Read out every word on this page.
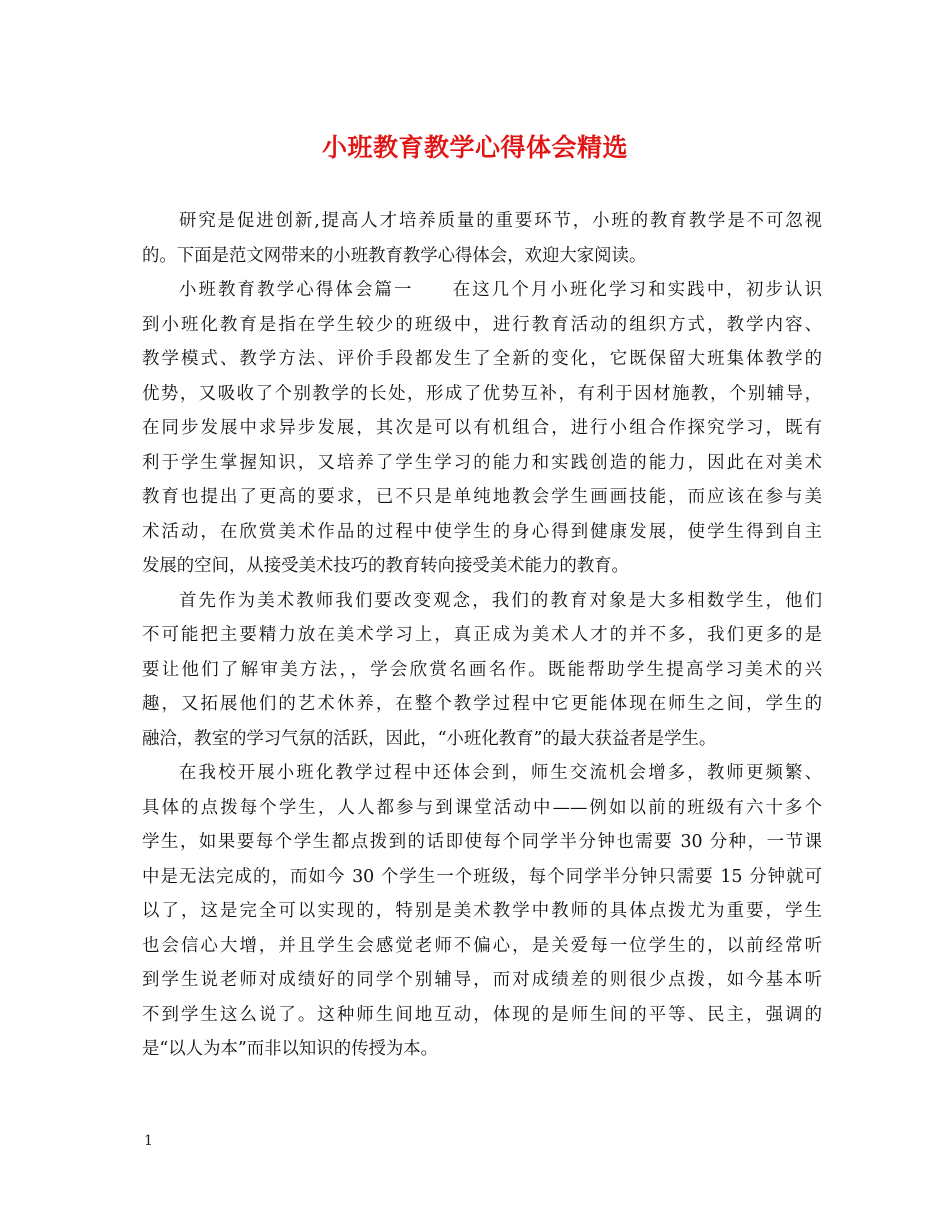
小班教育教学心得体会精选
研究是促进创新,提高人才培养质量的重要环节，小班的教育教学是不可忽视
的。下面是范文网带来的小班教育教学心得体会，欢迎大家阅读。
小班教育教学心得体会篇一　　在这几个月小班化学习和实践中，初步认识
到小班化教育是指在学生较少的班级中，进行教育活动的组织方式，教学内容、
教学模式、教学方法、评价手段都发生了全新的变化，它既保留大班集体教学的
优势，又吸收了个别教学的长处，形成了优势互补，有利于因材施教，个别辅导，
在同步发展中求异步发展，其次是可以有机组合，进行小组合作探究学习，既有
利于学生掌握知识，又培养了学生学习的能力和实践创造的能力，因此在对美术
教育也提出了更高的要求，已不只是单纯地教会学生画画技能，而应该在参与美
术活动，在欣赏美术作品的过程中使学生的身心得到健康发展，使学生得到自主
发展的空间，从接受美术技巧的教育转向接受美术能力的教育。
首先作为美术教师我们要改变观念，我们的教育对象是大多相数学生，他们
不可能把主要精力放在美术学习上，真正成为美术人才的并不多，我们更多的是
要让他们了解审美方法，，学会欣赏名画名作。既能帮助学生提高学习美术的兴
趣，又拓展他们的艺术休养，在整个教学过程中它更能体现在师生之间，学生的
融洽，教室的学习气氛的活跃，因此，“小班化教育”的最大获益者是学生。
在我校开展小班化教学过程中还体会到，师生交流机会增多，教师更频繁、
具体的点拨每个学生，人人都参与到课堂活动中——例如以前的班级有六十多个
学生，如果要每个学生都点拨到的话即使每个同学半分钟也需要 30 分种，一节课
中是无法完成的，而如今 30 个学生一个班级，每个同学半分钟只需要 15 分钟就可
以了，这是完全可以实现的，特别是美术教学中教师的具体点拨尤为重要，学生
也会信心大增，并且学生会感觉老师不偏心，是关爱每一位学生的，以前经常听
到学生说老师对成绩好的同学个别辅导，而对成绩差的则很少点拨，如今基本听
不到学生这么说了。这种师生间地互动，体现的是师生间的平等、民主，强调的
是“以人为本”而非以知识的传授为本。
1
